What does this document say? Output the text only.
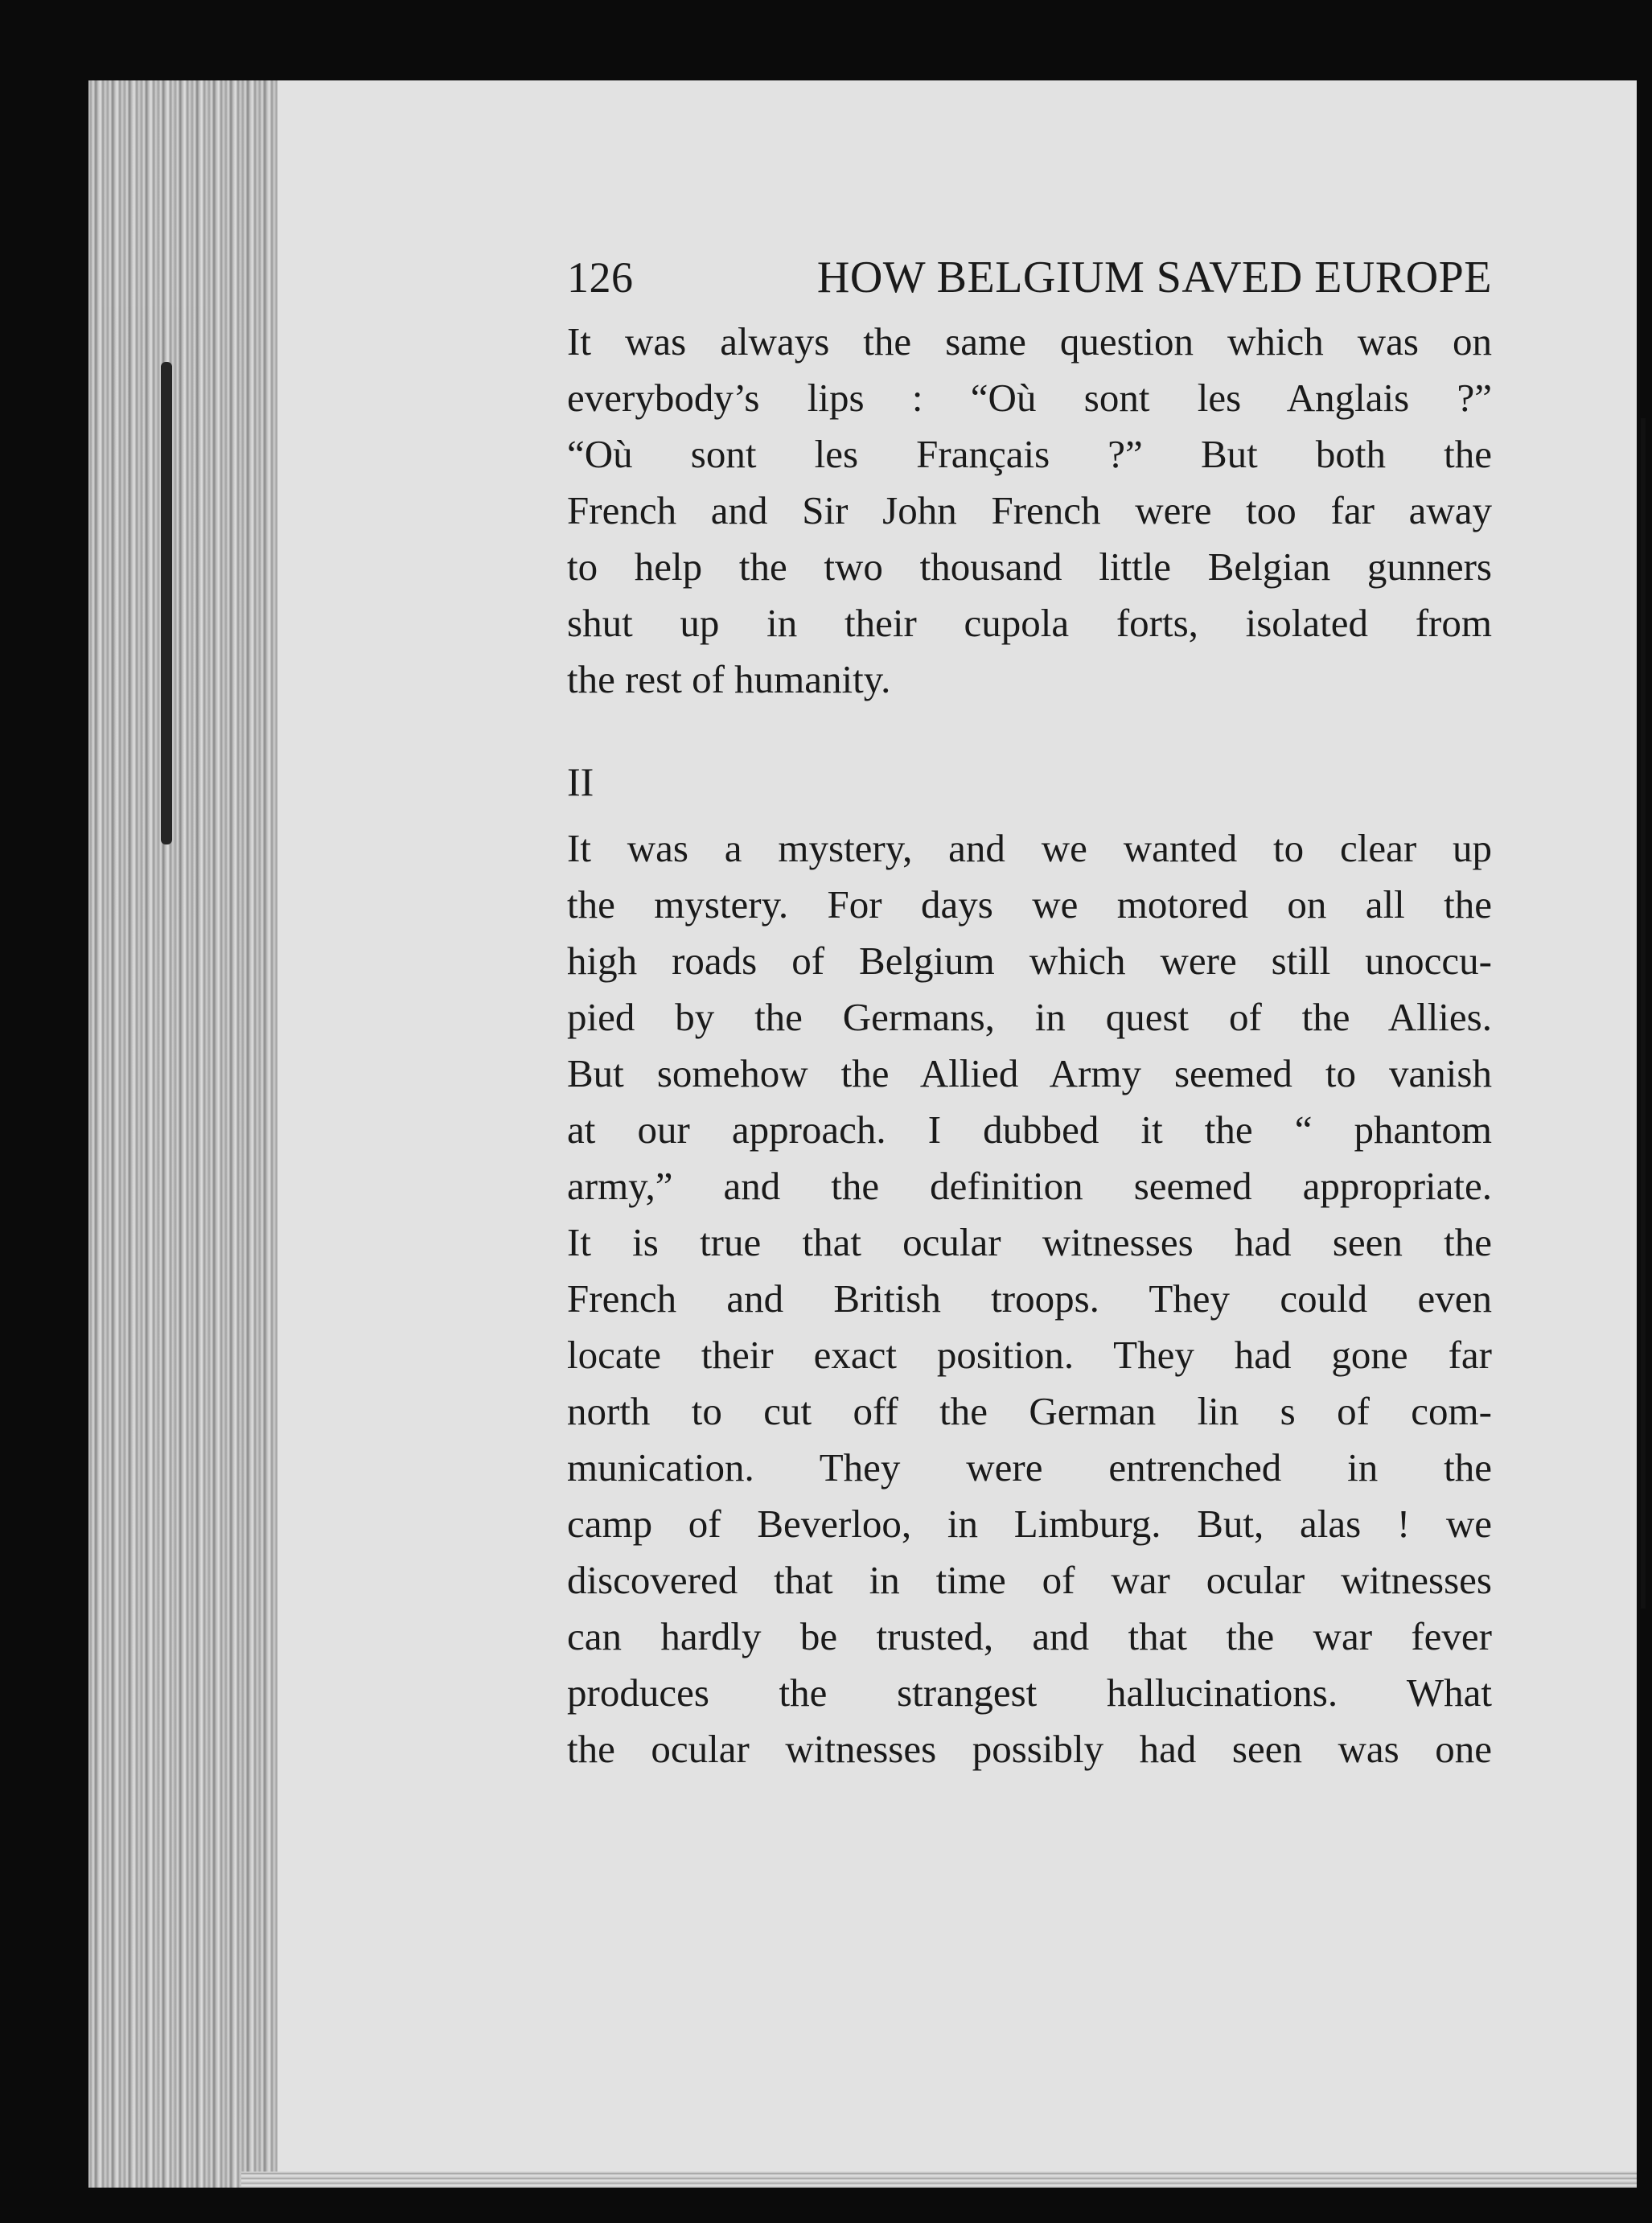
126	HOW BELGIUM SAVED EUROPE
It was always the same question which was on
everybody’s lips : “Où sont les Anglais ?”
“Où sont les Français ?” But both the
French and Sir John French were too far away
to help the two thousand little Belgian gunners
shut up in their cupola forts, isolated from
the rest of humanity.
II
It was a mystery, and we wanted to clear up
the mystery. For days we motored on all the
high roads of Belgium which were still unoccu-
pied by the Germans, in quest of the Allies.
But somehow the Allied Army seemed to vanish
at our approach. I dubbed it the “ phantom
army,” and the definition seemed appropriate.
It is true that ocular witnesses had seen the
French and British troops. They could even
locate their exact position. They had gone far
north to cut off the German lin s of com-
munication. They were entrenched in the
camp of Beverloo, in Limburg. But, alas ! we
discovered that in time of war ocular witnesses
can hardly be trusted, and that the war fever
produces the strangest hallucinations. What
the ocular witnesses possibly had seen was one
